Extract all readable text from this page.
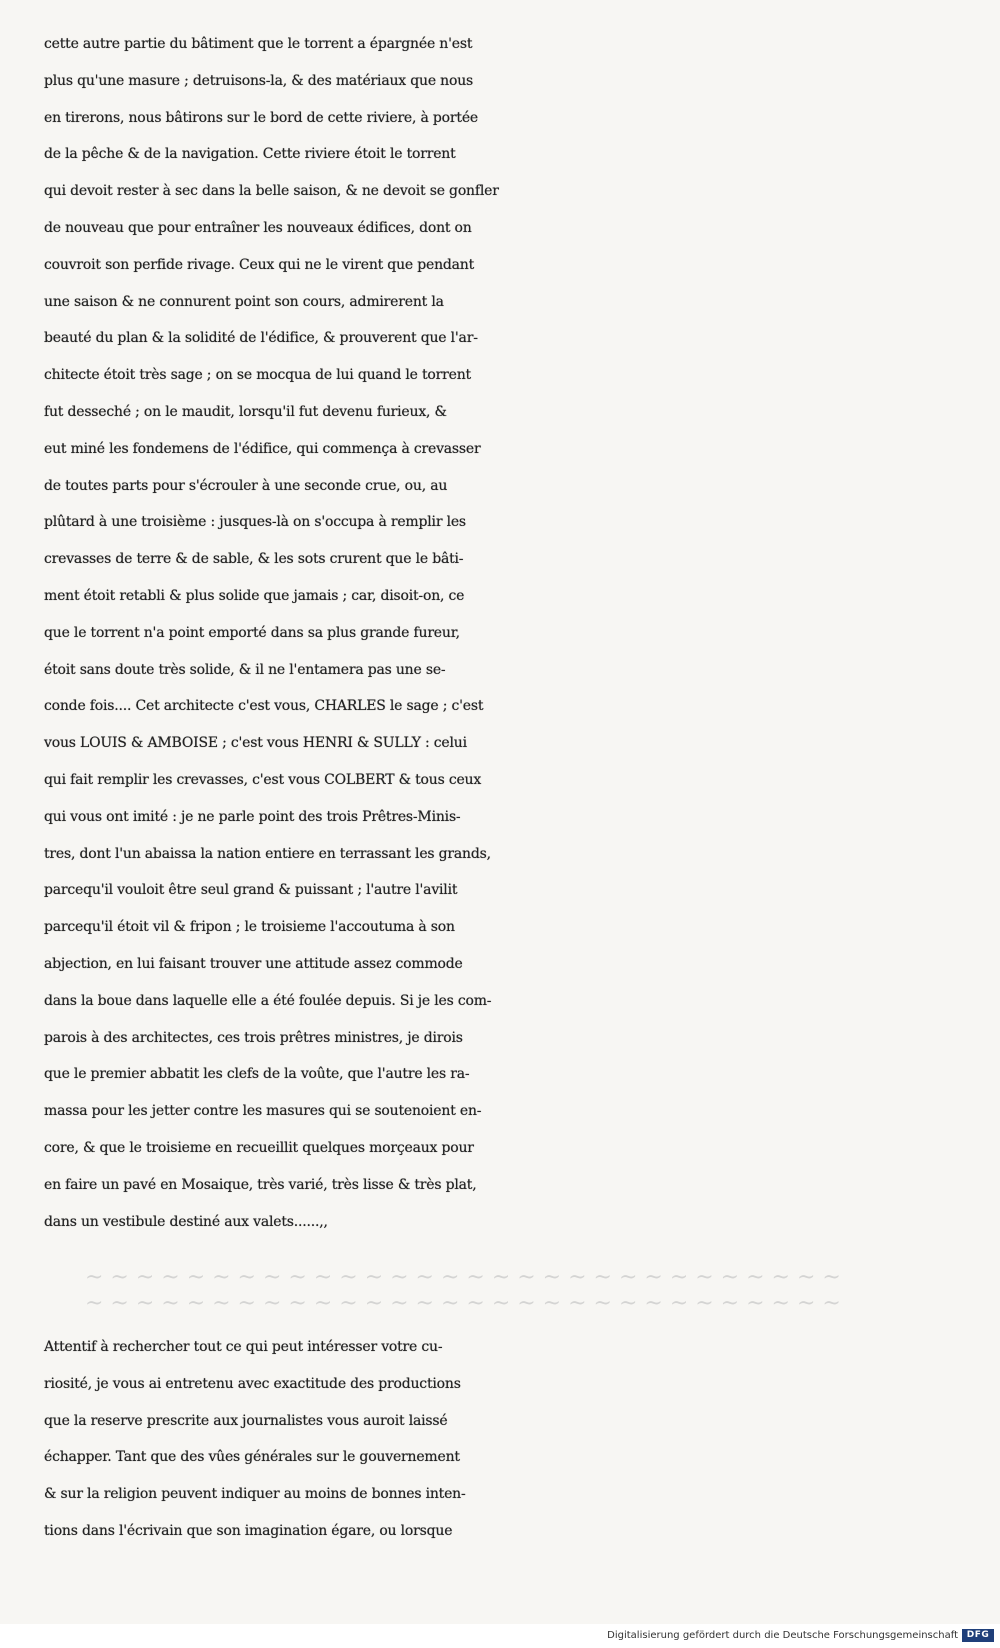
~ ~ ~ ~ ~ ~ ~ ~ ~ ~ ~ ~ ~ ~ ~ ~ ~ ~ ~ ~ ~ ~ ~ ~ ~ ~ ~ ~ ~ ~
~ ~ ~ ~ ~ ~ ~ ~ ~ ~ ~ ~ ~ ~ ~ ~ ~ ~ ~ ~ ~ ~ ~ ~ ~ ~ ~ ~ ~ ~
cette autre partie du bâtiment que le torrent a épargnée n'est
plus qu'une masure ; detruisons-la, & des matériaux que nous
en tirerons, nous bâtirons sur le bord de cette riviere, à portée
de la pêche & de la navigation. Cette riviere étoit le torrent
qui devoit rester à sec dans la belle saison, & ne devoit se gonfler
de nouveau que pour entraîner les nouveaux édifices, dont on
couvroit son perfide rivage. Ceux qui ne le virent que pendant
une saison & ne connurent point son cours, admirerent la
beauté du plan & la solidité de l'édifice, & prouverent que l'ar-
chitecte étoit très sage ; on se mocqua de lui quand le torrent
fut desseché ; on le maudit, lorsqu'il fut devenu furieux, &
eut miné les fondemens de l'édifice, qui commença à crevasser
de toutes parts pour s'écrouler à une seconde crue, ou, au
plûtard à une troisième : jusques-là on s'occupa à remplir les
crevasses de terre & de sable, & les sots crurent que le bâti-
ment étoit retabli & plus solide que jamais ; car, disoit-on, ce
que le torrent n'a point emporté dans sa plus grande fureur,
étoit sans doute très solide, & il ne l'entamera pas une se-
conde fois.... Cet architecte c'est vous, CHARLES le sage ; c'est
vous LOUIS & AMBOISE ; c'est vous HENRI & SULLY : celui
qui fait remplir les crevasses, c'est vous COLBERT & tous ceux
qui vous ont imité : je ne parle point des trois Prêtres-Minis-
tres, dont l'un abaissa la nation entiere en terrassant les grands,
parcequ'il vouloit être seul grand & puissant ; l'autre l'avilit
parcequ'il étoit vil & fripon ; le troisieme l'accoutuma à son
abjection, en lui faisant trouver une attitude assez commode
dans la boue dans laquelle elle a été foulée depuis. Si je les com-
parois à des architectes, ces trois prêtres ministres, je dirois
que le premier abbatit les clefs de la voûte, que l'autre les ra-
massa pour les jetter contre les masures qui se soutenoient en-
core, & que le troisieme en recueillit quelques morçeaux pour
en faire un pavé en Mosaique, très varié, très lisse & très plat,
dans un vestibule destiné aux valets......,,
Attentif à rechercher tout ce qui peut intéresser votre cu-
riosité, je vous ai entretenu avec exactitude des productions
que la reserve prescrite aux journalistes vous auroit laissé
échapper. Tant que des vûes générales sur le gouvernement
& sur la religion peuvent indiquer au moins de bonnes inten-
tions dans l'écrivain que son imagination égare, ou lorsque
Digitalisierung gefördert durch die Deutsche Forschungsgemeinschaft DFG
